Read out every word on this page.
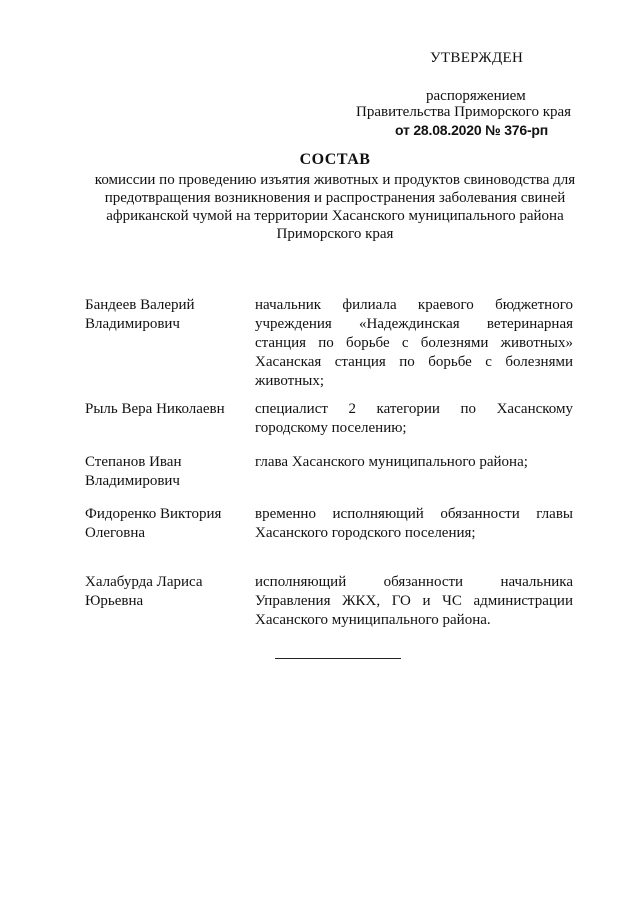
УТВЕРЖДЕН
распоряжением
Правительства Приморского края
от 28.08.2020 № 376-рп
СОСТАВ
комиссии по проведению изъятия животных и продуктов свиноводства для
предотвращения возникновения и распространения заболевания свиней
африканской чумой на территории Хасанского муниципального района
Приморского края
Бандеев Валерий Владимирович
начальник филиала краевого бюджетного учреждения «Надеждинская ветеринарная станция по борьбе с болезнями животных» Хасанская станция по борьбе с болезнями животных;
Рыль Вера Николаевн	специалист 2 категории по Хасанскому городскому поселению;
Степанов Иван Владимирович
глава Хасанского муниципального района;
Фидоренко Виктория Олеговна
временно исполняющий обязанности главы Хасанского городского поселения;
Халабурда Лариса Юрьевна
исполняющий обязанности начальника Управления ЖКХ, ГО и ЧС администрации Хасанского муниципального района.
